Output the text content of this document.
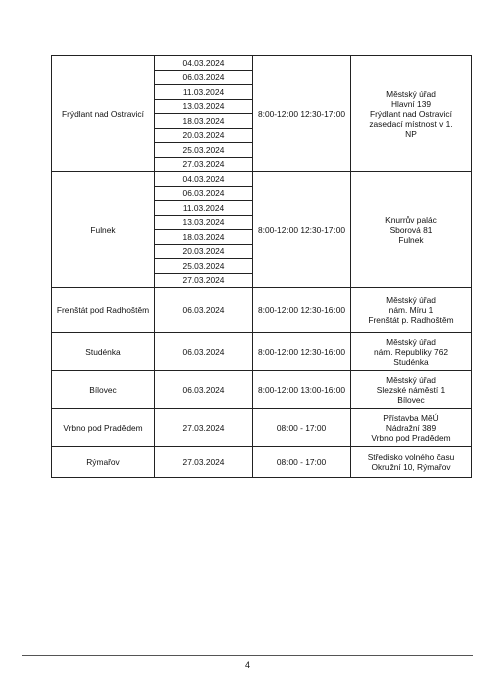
Frýdlant nad Ostravicí	04.03.2024	8:00-12:00 12:30-17:00	Městský úřad
Hlavní 139
Frýdlant nad Ostravicí
zasedací místnost v 1.
NP
	06.03.2024		
	11.03.2024		
	13.03.2024		
	18.03.2024		
	20.03.2024		
	25.03.2024		
	27.03.2024		
Fulnek	04.03.2024	8:00-12:00 12:30-17:00	Knurrův palác
Sborová 81
Fulnek
	06.03.2024		
	11.03.2024		
	13.03.2024		
	18.03.2024		
	20.03.2024		
	25.03.2024		
	27.03.2024		
Frenštát pod Radhoštěm	06.03.2024	8:00-12:00 12:30-16:00	Městský úřad
nám. Míru 1
Frenštát p. Radhoštěm
Studénka	06.03.2024	8:00-12:00 12:30-16:00	Městský úřad
nám. Republiky 762
Studénka
Bílovec	06.03.2024	8:00-12:00 13:00-16:00	Městský úřad
Slezské náměstí 1
Bílovec
Vrbno pod Pradědem	27.03.2024	08:00 - 17:00	Přístavba MěÚ
Nádražní 389
Vrbno pod Pradědem
Rýmařov	27.03.2024	08:00 - 17:00	Středisko volného času
Okružní 10, Rýmařov
4
